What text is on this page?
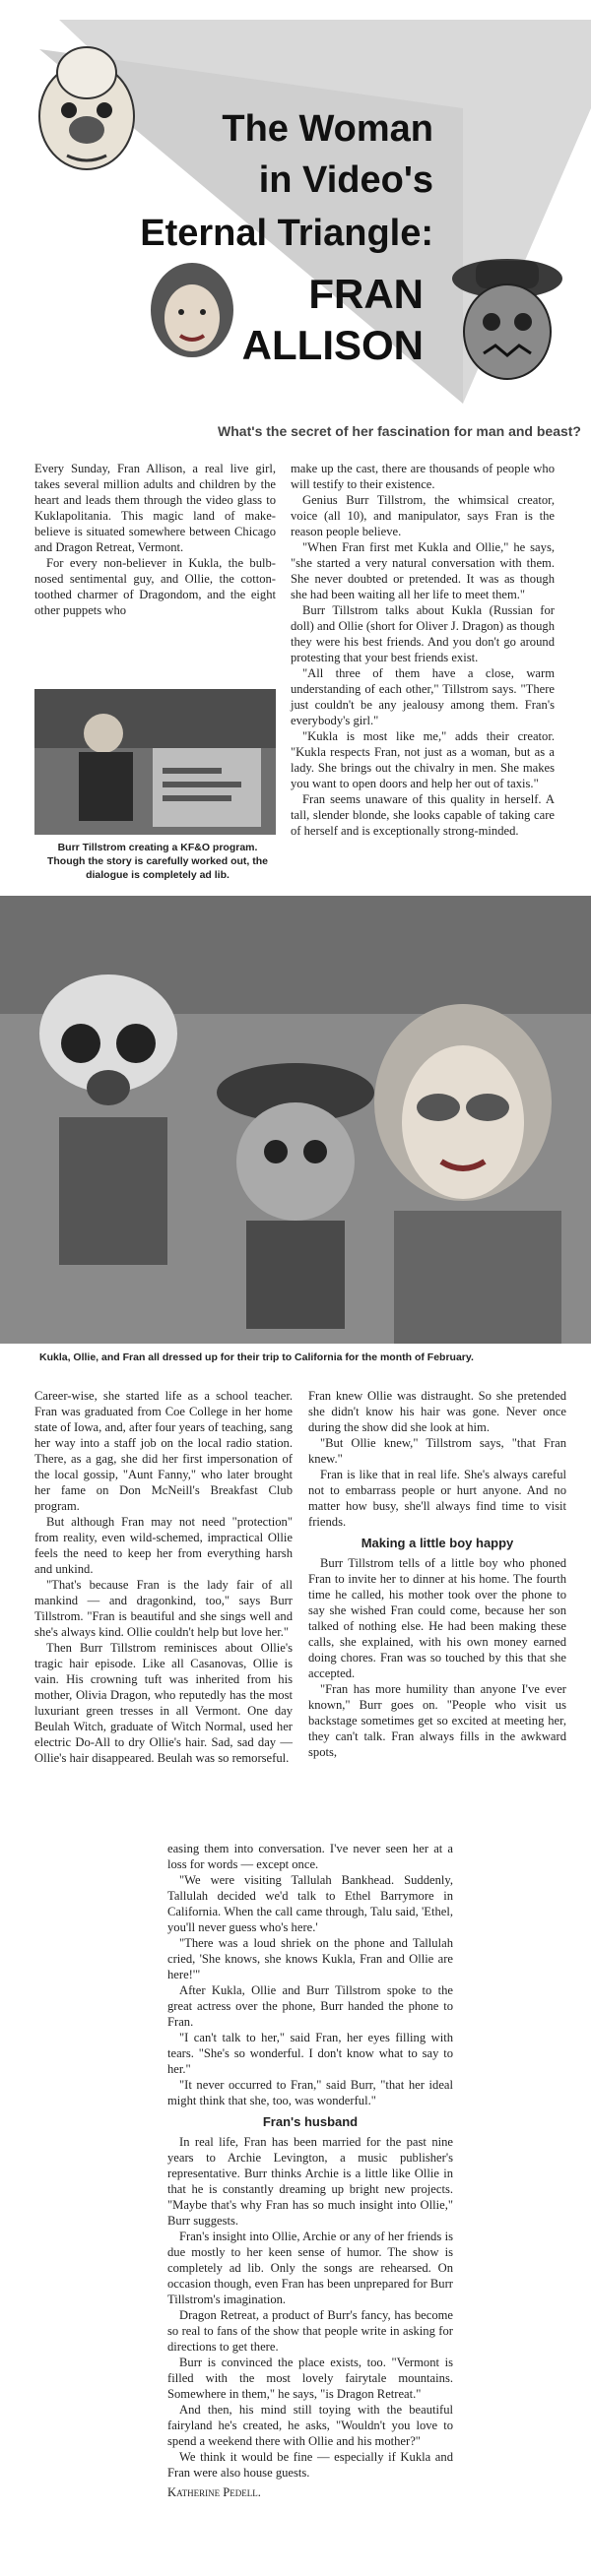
The Woman
in Video's
Eternal Triangle:
FRAN
ALLISON
What's the secret of her fascination for man and beast?

Every Sunday, Fran Allison, a real live girl, takes several million adults and children by the heart and leads them through the video glass to Kuklapolitania. This magic land of make-believe is situated somewhere between Chicago and Dragon Retreat, Vermont.

For every non-believer in Kukla, the bulb-nosed sentimental guy, and Ollie, the cotton-toothed charmer of Dragondom, and the eight other puppets who

Burr Tillstrom creating a KF&O program. Though the story is carefully worked out, the dialogue is completely ad lib.

make up the cast, there are thousands of people who will testify to their existence.

Genius Burr Tillstrom, the whimsical creator, voice (all 10), and manipulator, says Fran is the reason people believe.

"When Fran first met Kukla and Ollie," he says, "she started a very natural conversation with them. She never doubted or pretended. It was as though she had been waiting all her life to meet them."

Burr Tillstrom talks about Kukla (Russian for doll) and Ollie (short for Oliver J. Dragon) as though they were his best friends. And you don't go around protesting that your best friends exist.

"All three of them have a close, warm understanding of each other," Tillstrom says. "There just couldn't be any jealousy among them. Fran's everybody's girl."

"Kukla is most like me," adds their creator. "Kukla respects Fran, not just as a woman, but as a lady. She brings out the chivalry in men. She makes you want to open doors and help her out of taxis."

Fran seems unaware of this quality in herself. A tall, slender blonde, she looks capable of taking care of herself and is exceptionally strong-minded.

Kukla, Ollie, and Fran all dressed up for their trip to California for the month of February.

Career-wise, she started life as a school teacher. Fran was graduated from Coe College in her home state of Iowa, and, after four years of teaching, sang her way into a staff job on the local radio station. There, as a gag, she did her first impersonation of the local gossip, "Aunt Fanny," who later brought her fame on Don McNeill's Breakfast Club program.

But although Fran may not need "protection" from reality, even wild-schemed, impractical Ollie feels the need to keep her from everything harsh and unkind.

"That's because Fran is the lady fair of all mankind — and dragonkind, too," says Burr Tillstrom. "Fran is beautiful and she sings well and she's always kind. Ollie couldn't help but love her."

Then Burr Tillstrom reminisces about Ollie's tragic hair episode. Like all Casanovas, Ollie is vain. His crowning tuft was inherited from his mother, Olivia Dragon, who reputedly has the most luxuriant green tresses in all Vermont. One day Beulah Witch, graduate of Witch Normal, used her electric Do-All to dry Ollie's hair. Sad, sad day — Ollie's hair disappeared. Beulah was so remorseful.

Fran knew Ollie was distraught. So she pretended she didn't know his hair was gone. Never once during the show did she look at him.

"But Ollie knew," Tillstrom says, "that Fran knew."

Fran is like that in real life. She's always careful not to embarrass people or hurt anyone. And no matter how busy, she'll always find time to visit friends.

Making a little boy happy

Burr Tillstrom tells of a little boy who phoned Fran to invite her to dinner at his home. The fourth time he called, his mother took over the phone to say she wished Fran could come, because her son talked of nothing else. He had been making these calls, she explained, with his own money earned doing chores. Fran was so touched by this that she accepted.

"Fran has more humility than anyone I've ever known," Burr goes on. "People who visit us backstage sometimes get so excited at meeting her, they can't talk. Fran always fills in the awkward spots,

easing them into conversation. I've never seen her at a loss for words — except once.

"We were visiting Tallulah Bankhead. Suddenly, Tallulah decided we'd talk to Ethel Barrymore in California. When the call came through, Talu said, 'Ethel, you'll never guess who's here.'

"There was a loud shriek on the phone and Tallulah cried, 'She knows, she knows Kukla, Fran and Ollie are here!'"

After Kukla, Ollie and Burr Tillstrom spoke to the great actress over the phone, Burr handed the phone to Fran.

"I can't talk to her," said Fran, her eyes filling with tears. "She's so wonderful. I don't know what to say to her."

"It never occurred to Fran," said Burr, "that her ideal might think that she, too, was wonderful."

Fran's husband

In real life, Fran has been married for the past nine years to Archie Levington, a music publisher's representative. Burr thinks Archie is a little like Ollie in that he is constantly dreaming up bright new projects. "Maybe that's why Fran has so much insight into Ollie," Burr suggests.

Fran's insight into Ollie, Archie or any of her friends is due mostly to her keen sense of humor. The show is completely ad lib. Only the songs are rehearsed. On occasion though, even Fran has been unprepared for Burr Tillstrom's imagination.

Dragon Retreat, a product of Burr's fancy, has become so real to fans of the show that people write in asking for directions to get there.

Burr is convinced the place exists, too. "Vermont is filled with the most lovely fairytale mountains. Somewhere in them," he says, "is Dragon Retreat."

And then, his mind still toying with the beautiful fairyland he's created, he asks, "Wouldn't you love to spend a weekend there with Ollie and his mother?"

We think it would be fine — especially if Kukla and Fran were also house guests.

Katherine Pedell.
